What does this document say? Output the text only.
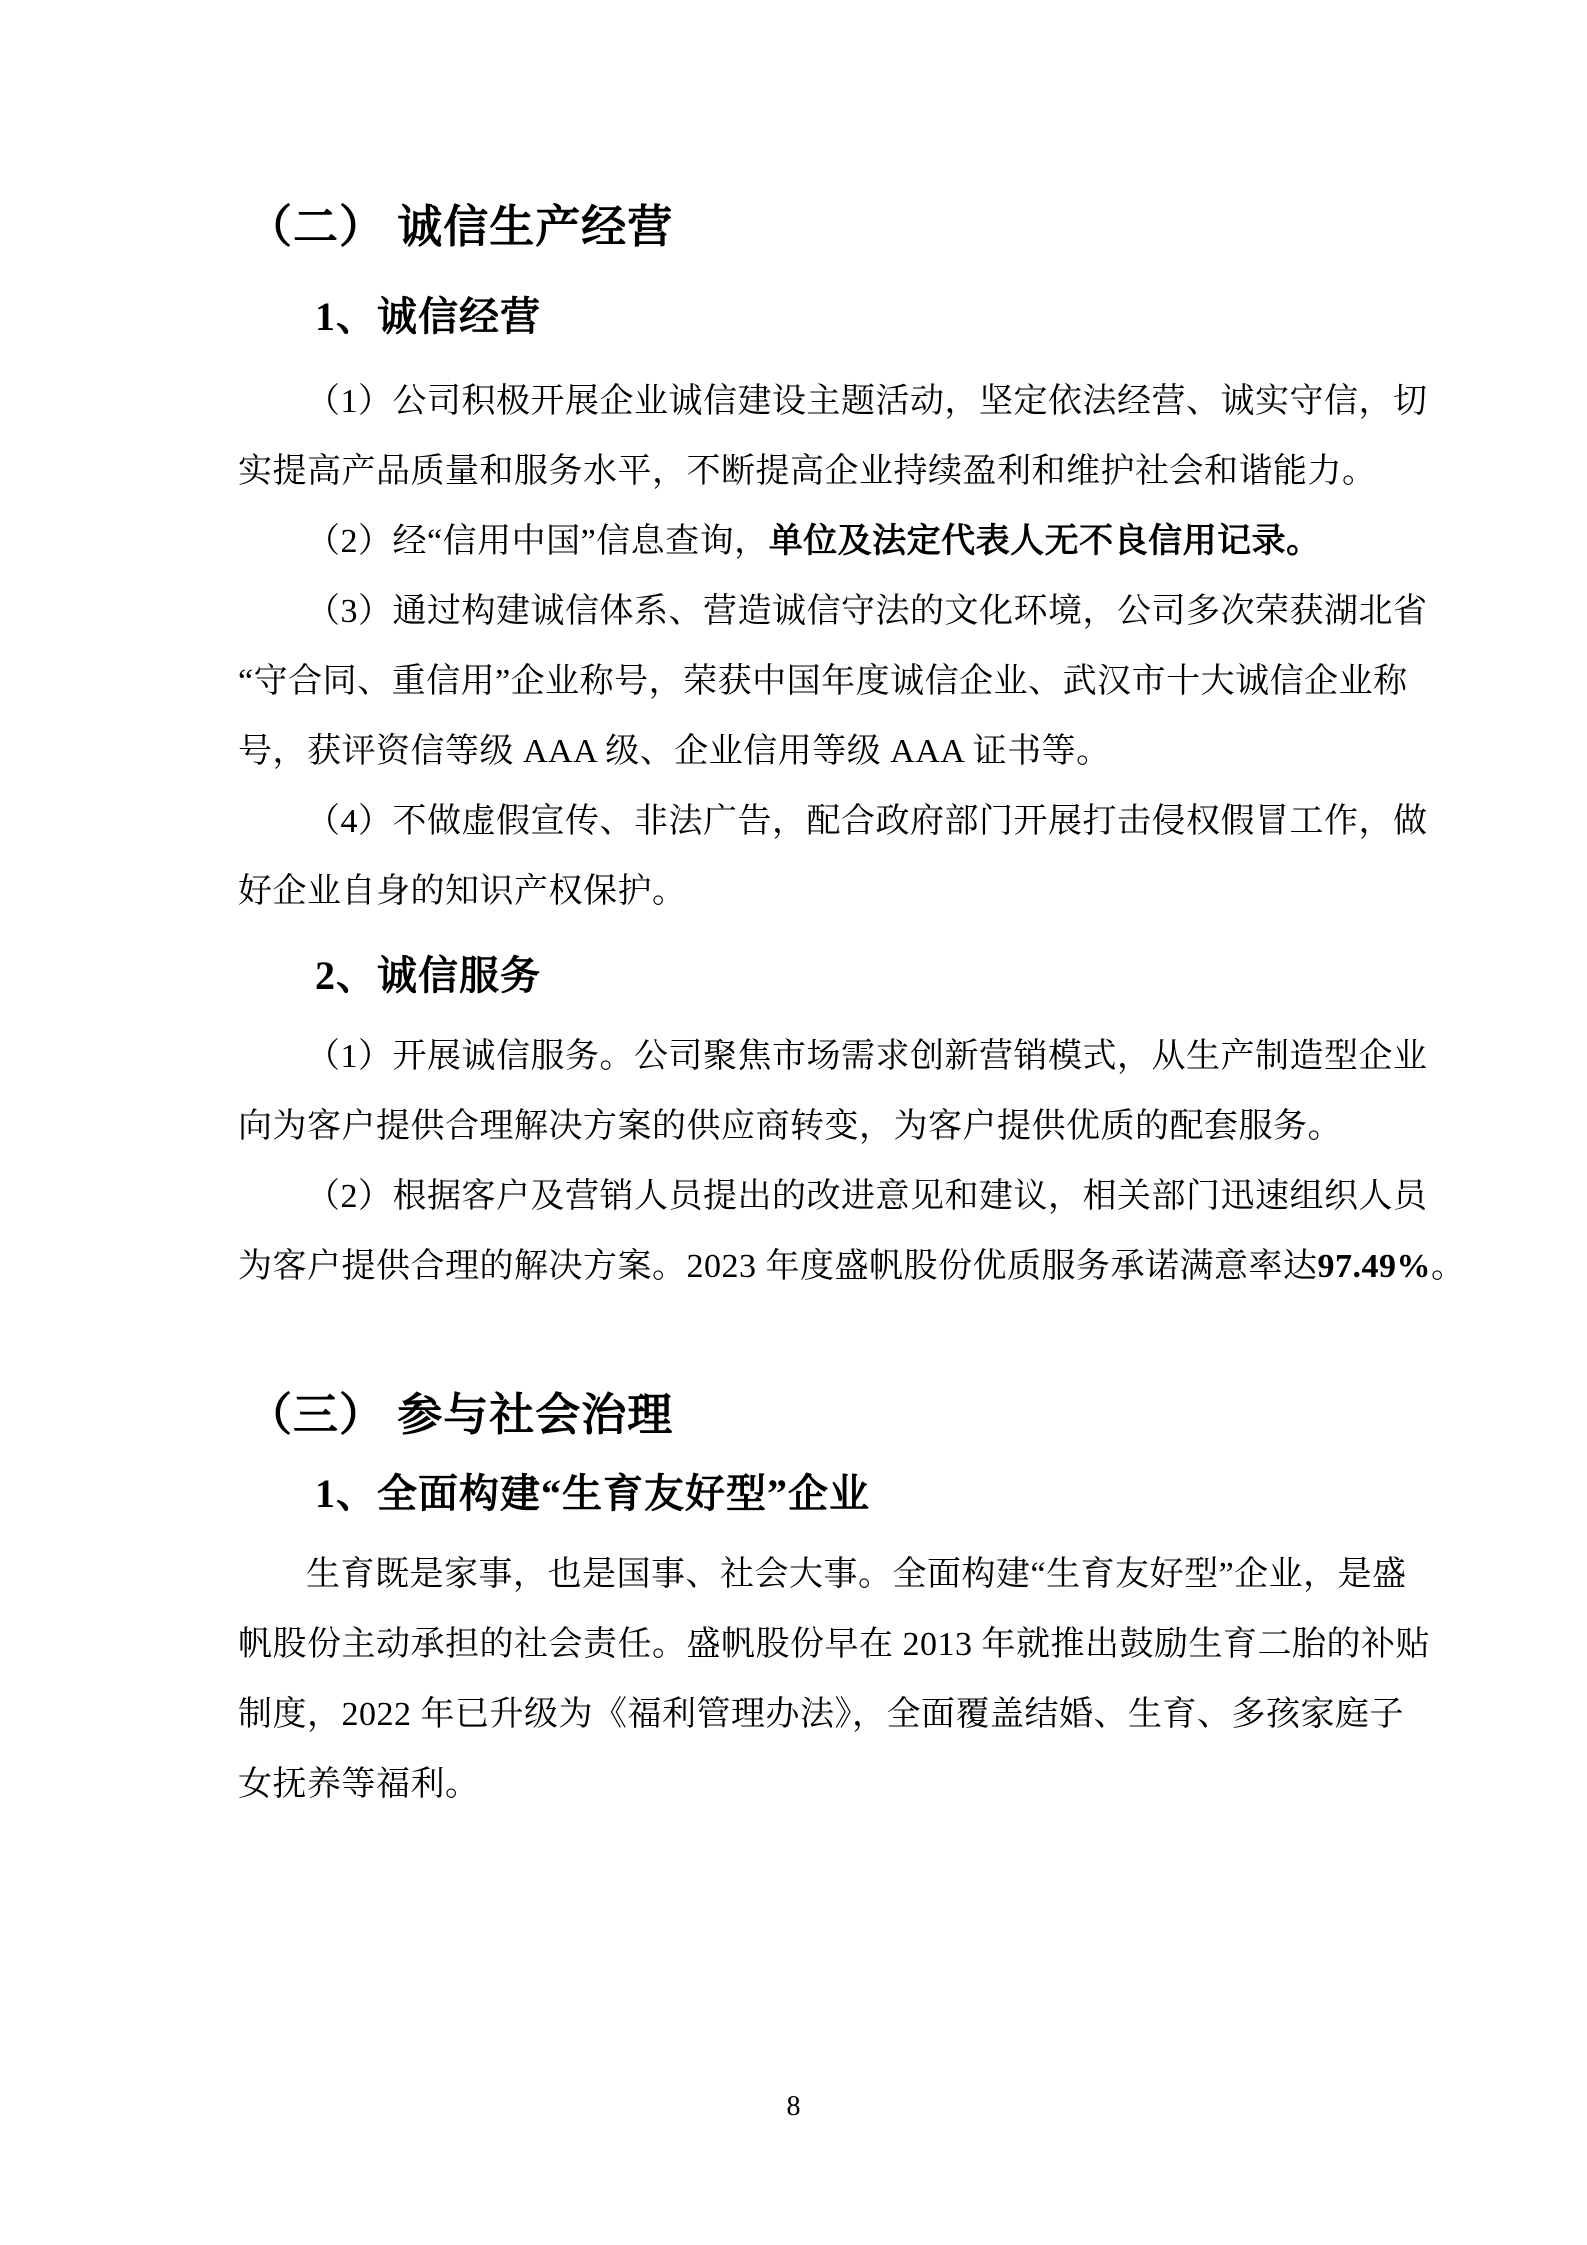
（二） 诚信生产经营
1、诚信经营
（1）公司积极开展企业诚信建设主题活动，坚定依法经营、诚实守信，切
实提高产品质量和服务水平，不断提高企业持续盈利和维护社会和谐能力。
（2）经“信用中国”信息查询，单位及法定代表人无不良信用记录。
（3）通过构建诚信体系、营造诚信守法的文化环境，公司多次荣获湖北省
“守合同、重信用”企业称号，荣获中国年度诚信企业、武汉市十大诚信企业称
号，获评资信等级 AAA 级、企业信用等级 AAA 证书等。
（4）不做虚假宣传、非法广告，配合政府部门开展打击侵权假冒工作，做
好企业自身的知识产权保护。
2、诚信服务
（1）开展诚信服务。公司聚焦市场需求创新营销模式，从生产制造型企业
向为客户提供合理解决方案的供应商转变，为客户提供优质的配套服务。
（2）根据客户及营销人员提出的改进意见和建议，相关部门迅速组织人员
为客户提供合理的解决方案。2023 年度盛帆股份优质服务承诺满意率达97.49%。
（三） 参与社会治理
1、全面构建“生育友好型”企业
生育既是家事，也是国事、社会大事。全面构建“生育友好型”企业，是盛
帆股份主动承担的社会责任。盛帆股份早在 2013 年就推出鼓励生育二胎的补贴
制度，2022 年已升级为《福利管理办法》，全面覆盖结婚、生育、多孩家庭子
女抚养等福利。
8
